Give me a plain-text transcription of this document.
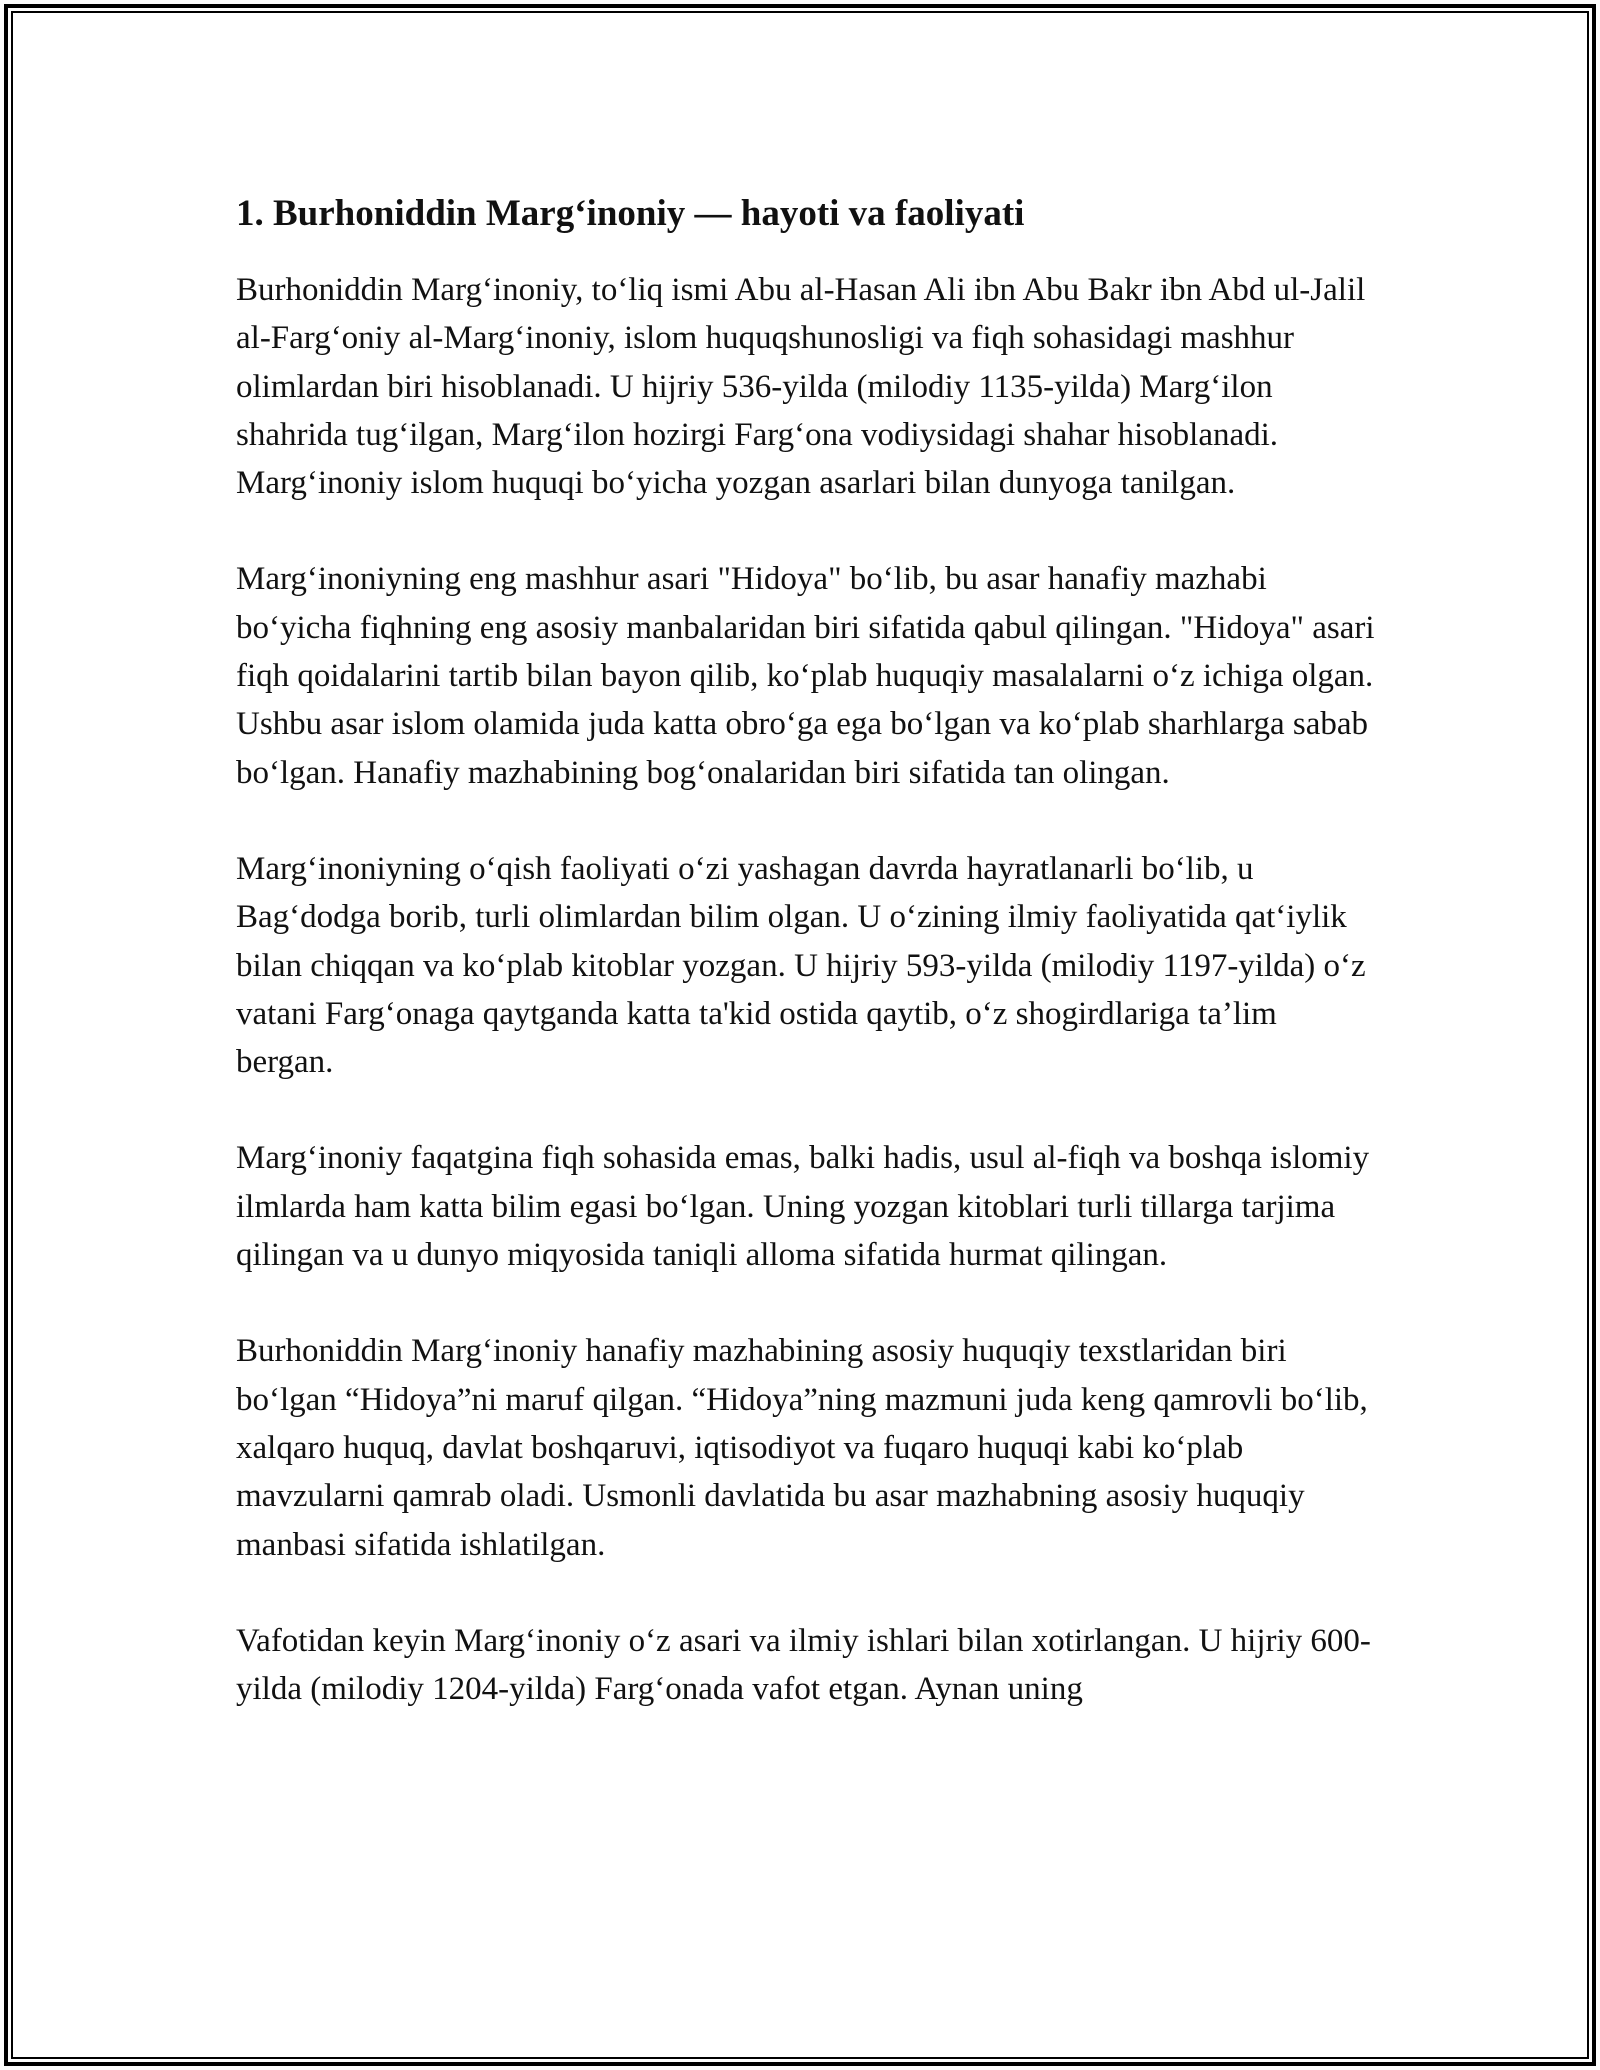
1. Burhoniddin Marg‘inoniy — hayoti va faoliyati

Burhoniddin Marg‘inoniy, to‘liq ismi Abu al-Hasan Ali ibn Abu Bakr ibn Abd ul-Jalil al-Farg‘oniy al-Marg‘inoniy, islom huquqshunosligi va fiqh sohasidagi mashhur olimlardan biri hisoblanadi. U hijriy 536-yilda (milodiy 1135-yilda) Marg‘ilon shahrida tug‘ilgan, Marg‘ilon hozirgi Farg‘ona vodiysidagi shahar hisoblanadi. Marg‘inoniy islom huquqi bo‘yicha yozgan asarlari bilan dunyoga tanilgan.

Marg‘inoniyning eng mashhur asari "Hidoya" bo‘lib, bu asar hanafiy mazhabi bo‘yicha fiqhning eng asosiy manbalaridan biri sifatida qabul qilingan. "Hidoya" asari fiqh qoidalarini tartib bilan bayon qilib, ko‘plab huquqiy masalalarni o‘z ichiga olgan. Ushbu asar islom olamida juda katta obro‘ga ega bo‘lgan va ko‘plab sharhlarga sabab bo‘lgan. Hanafiy mazhabining bog‘onalaridan biri sifatida tan olingan.

Marg‘inoniyning o‘qish faoliyati o‘zi yashagan davrda hayratlanarli bo‘lib, u Bag‘dodga borib, turli olimlardan bilim olgan. U o‘zining ilmiy faoliyatida qat‘iylik bilan chiqqan va ko‘plab kitoblar yozgan. U hijriy 593-yilda (milodiy 1197-yilda) o‘z vatani Farg‘onaga qaytganda katta ta'kid ostida qaytib, o‘z shogirdlariga ta’lim bergan.

Marg‘inoniy faqatgina fiqh sohasida emas, balki hadis, usul al-fiqh va boshqa islomiy ilmlarda ham katta bilim egasi bo‘lgan. Uning yozgan kitoblari turli tillarga tarjima qilingan va u dunyo miqyosida taniqli alloma sifatida hurmat qilingan.

Burhoniddin Marg‘inoniy hanafiy mazhabining asosiy huquqiy texstlaridan biri bo‘lgan “Hidoya”ni maruf qilgan. “Hidoya”ning mazmuni juda keng qamrovli bo‘lib, xalqaro huquq, davlat boshqaruvi, iqtisodiyot va fuqaro huquqi kabi ko‘plab mavzularni qamrab oladi. Usmonli davlatida bu asar mazhabning asosiy huquqiy manbasi sifatida ishlatilgan.

Vafotidan keyin Marg‘inoniy o‘z asari va ilmiy ishlari bilan xotirlangan. U hijriy 600-yilda (milodiy 1204-yilda) Farg‘onada vafot etgan. Aynan uning
